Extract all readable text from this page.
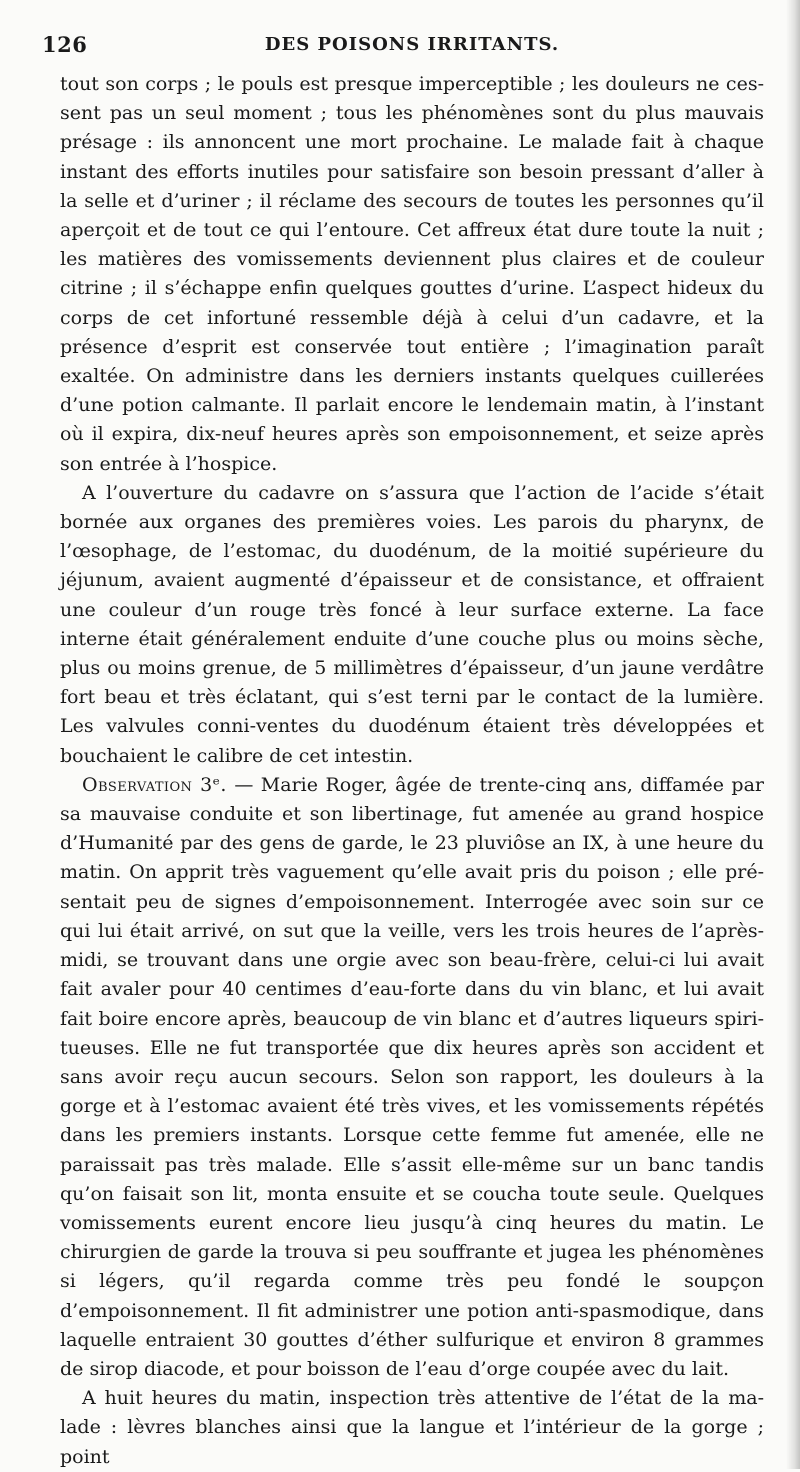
126	DES POISONS IRRITANTS.

tout son corps ; le pouls est presque imperceptible ; les douleurs ne ces-sent pas un seul moment ; tous les phénomènes sont du plus mauvais présage : ils annoncent une mort prochaine. Le malade fait à chaque instant des efforts inutiles pour satisfaire son besoin pressant d’aller à la selle et d’uriner ; il réclame des secours de toutes les personnes qu’il aperçoit et de tout ce qui l’entoure. Cet affreux état dure toute la nuit ; les matières des vomissements deviennent plus claires et de couleur citrine ; il s’échappe enfin quelques gouttes d’urine. L’aspect hideux du corps de cet infortuné ressemble déjà à celui d’un cadavre, et la présence d’esprit est conservée tout entière ; l’imagination paraît exaltée. On administre dans les derniers instants quelques cuillerées d’une potion calmante. Il parlait encore le lendemain matin, à l’instant où il expira, dix-neuf heures après son empoisonnement, et seize après son entrée à l’hospice.

A l’ouverture du cadavre on s’assura que l’action de l’acide s’était bornée aux organes des premières voies. Les parois du pharynx, de l’œsophage, de l’estomac, du duodénum, de la moitié supérieure du jéjunum, avaient augmenté d’épaisseur et de consistance, et offraient une couleur d’un rouge très foncé à leur surface externe. La face interne était généralement enduite d’une couche plus ou moins sèche, plus ou moins grenue, de 5 millimètres d’épaisseur, d’un jaune verdâtre fort beau et très éclatant, qui s’est terni par le contact de la lumière. Les valvules conni-ventes du duodénum étaient très développées et bouchaient le calibre de cet intestin.

Observation 3ᵉ. — Marie Roger, âgée de trente-cinq ans, diffamée par sa mauvaise conduite et son libertinage, fut amenée au grand hospice d’Humanité par des gens de garde, le 23 pluviôse an IX, à une heure du matin. On apprit très vaguement qu’elle avait pris du poison ; elle pré-sentait peu de signes d’empoisonnement. Interrogée avec soin sur ce qui lui était arrivé, on sut que la veille, vers les trois heures de l’après-midi, se trouvant dans une orgie avec son beau-frère, celui-ci lui avait fait avaler pour 40 centimes d’eau-forte dans du vin blanc, et lui avait fait boire encore après, beaucoup de vin blanc et d’autres liqueurs spiri-tueuses. Elle ne fut transportée que dix heures après son accident et sans avoir reçu aucun secours. Selon son rapport, les douleurs à la gorge et à l’estomac avaient été très vives, et les vomissements répétés dans les premiers instants. Lorsque cette femme fut amenée, elle ne paraissait pas très malade. Elle s’assit elle-même sur un banc tandis qu’on faisait son lit, monta ensuite et se coucha toute seule. Quelques vomissements eurent encore lieu jusqu’à cinq heures du matin. Le chirurgien de garde la trouva si peu souffrante et jugea les phénomènes si légers, qu’il regarda comme très peu fondé le soupçon d’empoisonnement. Il fit administrer une potion anti-spasmodique, dans laquelle entraient 30 gouttes d’éther sulfurique et environ 8 grammes de sirop diacode, et pour boisson de l’eau d’orge coupée avec du lait.

A huit heures du matin, inspection très attentive de l’état de la ma-lade : lèvres blanches ainsi que la langue et l’intérieur de la gorge ; point
